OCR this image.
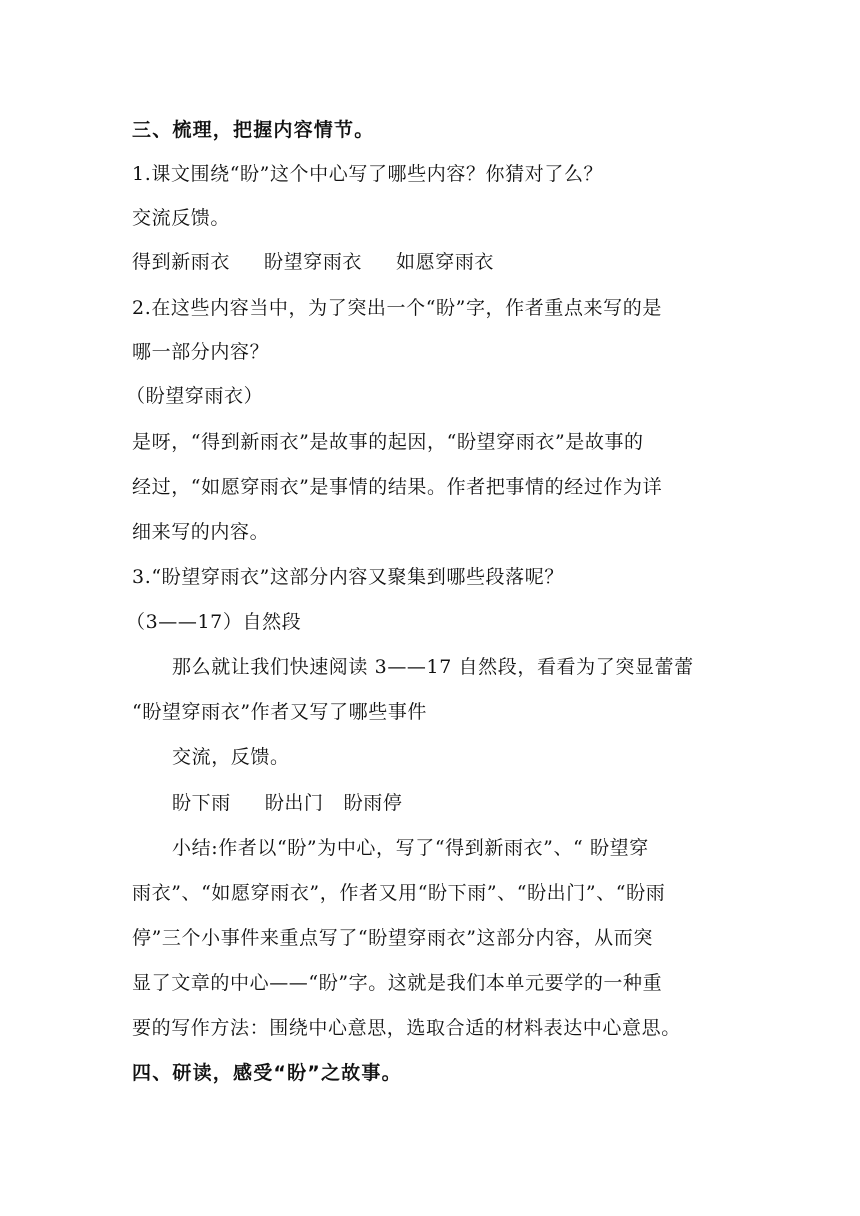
三、梳理，把握内容情节。
1.课文围绕“盼”这个中心写了哪些内容？你猜对了么？
交流反馈。
得到新雨衣 盼望穿雨衣 如愿穿雨衣
2.在这些内容当中，为了突出一个“盼”字，作者重点来写的是
哪一部分内容？
（盼望穿雨衣）
是呀，“得到新雨衣”是故事的起因，“盼望穿雨衣”是故事的
经过，“如愿穿雨衣”是事情的结果。作者把事情的经过作为详
细来写的内容。
3.“盼望穿雨衣”这部分内容又聚集到哪些段落呢？
（3——17）自然段
那么就让我们快速阅读 3——17 自然段，看看为了突显蕾蕾
“盼望穿雨衣”作者又写了哪些事件
交流，反馈。
盼下雨 盼出门 盼雨停
小结:作者以“盼”为中心，写了“得到新雨衣”、“ 盼望穿
雨衣”、“如愿穿雨衣”，作者又用“盼下雨”、“盼出门”、“盼雨
停”三个小事件来重点写了“盼望穿雨衣”这部分内容，从而突
显了文章的中心——“盼”字。这就是我们本单元要学的一种重
要的写作方法：围绕中心意思，选取合适的材料表达中心意思。
四、研读，感受“盼”之故事。
